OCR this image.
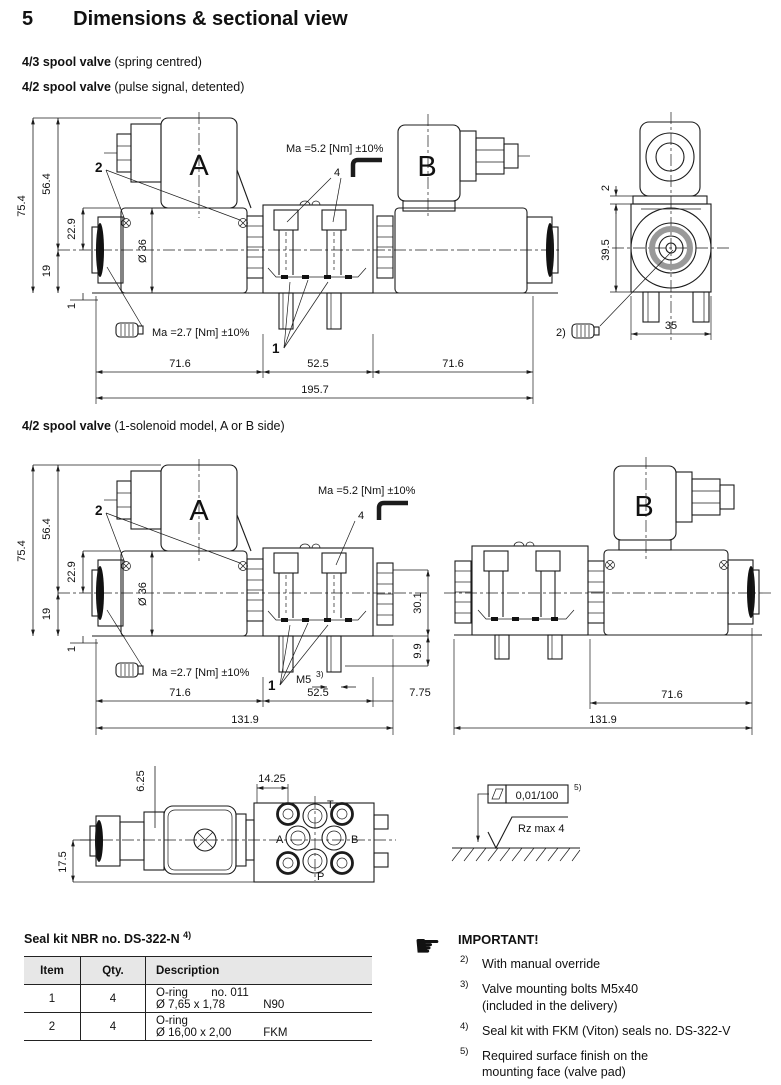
5 Dimensions & sectional view
4/3 spool valve (spring centred)
4/2 spool valve (pulse signal, detented)
A	B
75.4
56.4
22.9
19
1
Ø 36
2
Ma =5.2 [Nm] ±10%
4
Ma =2.7 [Nm] ±10%
1
71.6	52.5	71.6
195.7
2
39.5
35
2)
4/2 spool valve (1-solenoid model, A or B side)
A
75.4
56.4
22.9
19
1
Ø 36
2
Ma =5.2 [Nm] ±10%
4
Ma =2.7 [Nm] ±10%
1 M5 3)
30.1
9.9
71.6	52.5	7.75
131.9
B
71.6
131.9
T
A	B
P
6.25	14.25
17.5
0,01/100
5)
Rz max 4
Seal kit NBR no. DS-322-N $^{4)}$
Item	Qty.	Description
1	4	O-ring no. 011 Ø 7,65 x 1,78 N90
2	4	O-ring  Ø 16,00 x 2,00 FKM
☛ IMPORTANT!
2)	With manual override

3)	Valve mounting bolts M5x40
(included in the delivery)
4)	Seal kit with FKM (Viton) seals no. DS-322-V
5)	Required surface finish on the
mounting face (valve pad)
